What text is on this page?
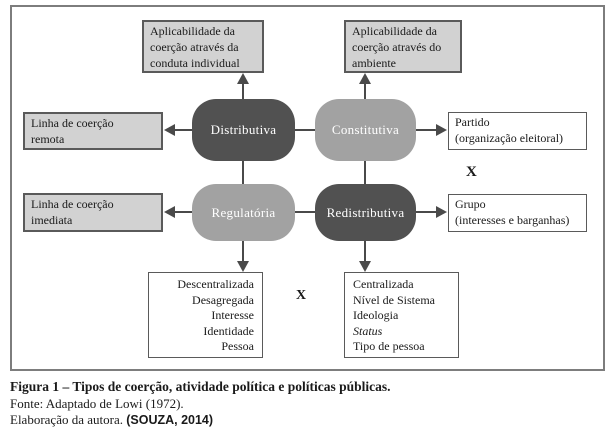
Aplicabilidade da
coerção através da
conduta individual
Aplicabilidade da
coerção através do
ambiente
Linha de coerção
remota
Linha de coerção
imediata
Partido
(organização eleitoral)
Grupo
(interesses e barganhas)
X
Distributiva	Constitutiva
Regulatória	Redistributiva
Descentralizada
Desagregada
Interesse
Identidade
Pessoa
X
Centralizada
Nível de Sistema
Ideologia
Status
Tipo de pessoa
Figura 1 – Tipos de coerção, atividade política e políticas públicas.
Fonte: Adaptado de Lowi (1972).
Elaboração da autora. (SOUZA, 2014)
